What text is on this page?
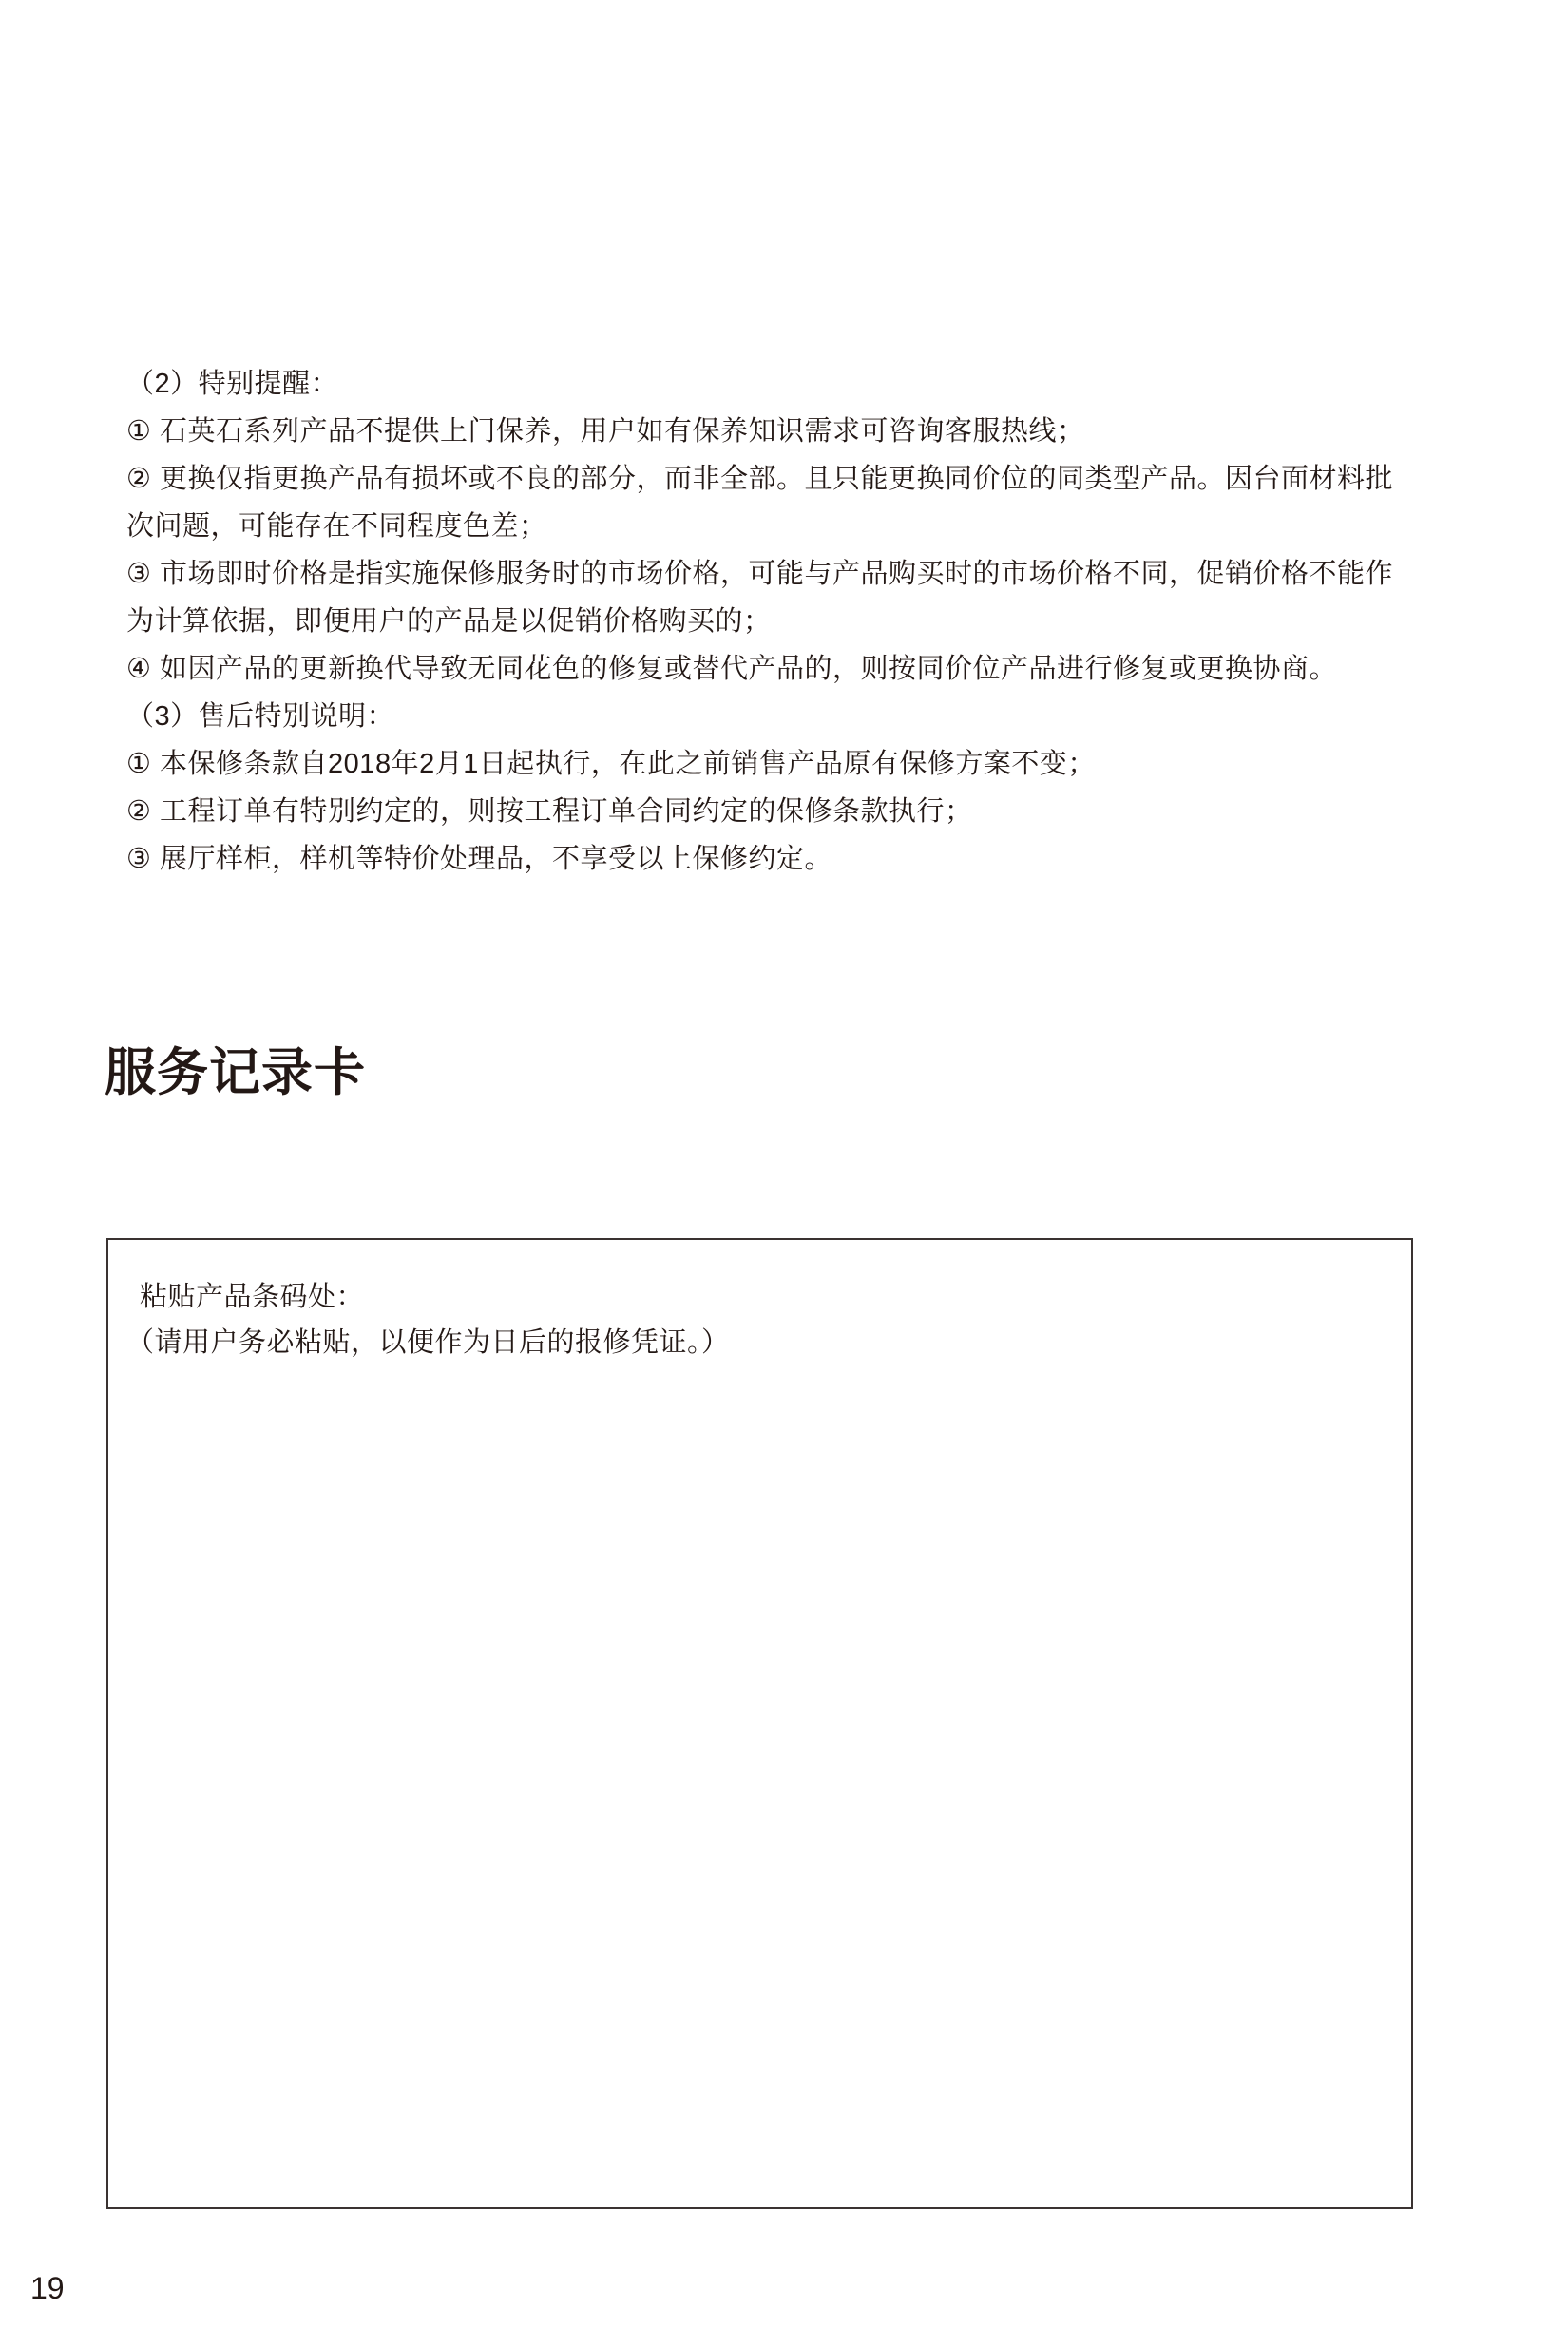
（2）特别提醒：
① 石英石系列产品不提供上门保养，用户如有保养知识需求可咨询客服热线；
② 更换仅指更换产品有损坏或不良的部分，而非全部。且只能更换同价位的同类型产品。因台面材料批
次问题，可能存在不同程度色差；
③ 市场即时价格是指实施保修服务时的市场价格，可能与产品购买时的市场价格不同，促销价格不能作
为计算依据，即便用户的产品是以促销价格购买的；
④ 如因产品的更新换代导致无同花色的修复或替代产品的，则按同价位产品进行修复或更换协商。
（3）售后特别说明：
① 本保修条款自2018年2月1日起执行，在此之前销售产品原有保修方案不变；
② 工程订单有特别约定的，则按工程订单合同约定的保修条款执行；
③ 展厅样柜，样机等特价处理品，不享受以上保修约定。
服务记录卡
粘贴产品条码处：
（请用户务必粘贴，以便作为日后的报修凭证。）
19
